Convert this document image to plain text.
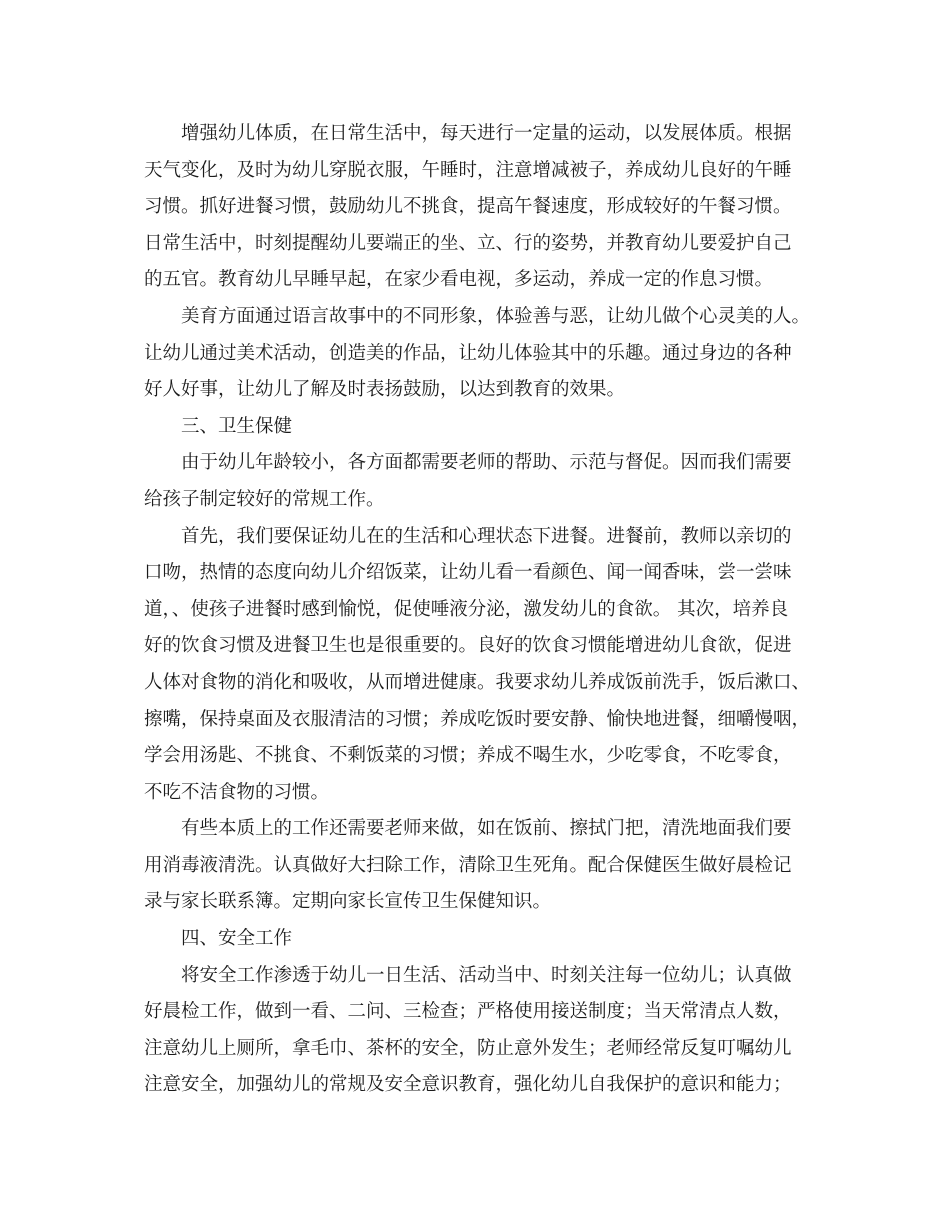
增强幼儿体质，在日常生活中，每天进行一定量的运动，以发展体质。根据
天气变化，及时为幼儿穿脱衣服，午睡时，注意增减被子，养成幼儿良好的午睡
习惯。抓好进餐习惯，鼓励幼儿不挑食，提高午餐速度，形成较好的午餐习惯。
日常生活中，时刻提醒幼儿要端正的坐、立、行的姿势，并教育幼儿要爱护自己
的五官。教育幼儿早睡早起，在家少看电视，多运动，养成一定的作息习惯。
美育方面通过语言故事中的不同形象，体验善与恶，让幼儿做个心灵美的人。
让幼儿通过美术活动，创造美的作品，让幼儿体验其中的乐趣。通过身边的各种
好人好事，让幼儿了解及时表扬鼓励，以达到教育的效果。
三、卫生保健
由于幼儿年龄较小，各方面都需要老师的帮助、示范与督促。因而我们需要
给孩子制定较好的常规工作。
首先，我们要保证幼儿在的生活和心理状态下进餐。进餐前，教师以亲切的
口吻，热情的态度向幼儿介绍饭菜，让幼儿看一看颜色、闻一闻香味，尝一尝味
道，、使孩子进餐时感到愉悦，促使唾液分泌，激发幼儿的食欲。 其次，培养良
好的饮食习惯及进餐卫生也是很重要的。良好的饮食习惯能增进幼儿食欲，促进
人体对食物的消化和吸收，从而增进健康。我要求幼儿养成饭前洗手，饭后漱口、
擦嘴，保持桌面及衣服清洁的习惯；养成吃饭时要安静、愉快地进餐，细嚼慢咽，
学会用汤匙、不挑食、不剩饭菜的习惯；养成不喝生水，少吃零食，不吃零食，
不吃不洁食物的习惯。
有些本质上的工作还需要老师来做，如在饭前、擦拭门把，清洗地面我们要
用消毒液清洗。认真做好大扫除工作，清除卫生死角。配合保健医生做好晨检记
录与家长联系簿。定期向家长宣传卫生保健知识。
四、安全工作
将安全工作渗透于幼儿一日生活、活动当中、时刻关注每一位幼儿；认真做
好晨检工作，做到一看、二问、三检查；严格使用接送制度；当天常清点人数，
注意幼儿上厕所，拿毛巾、茶杯的安全，防止意外发生；老师经常反复叮嘱幼儿
注意安全，加强幼儿的常规及安全意识教育，强化幼儿自我保护的意识和能力；
